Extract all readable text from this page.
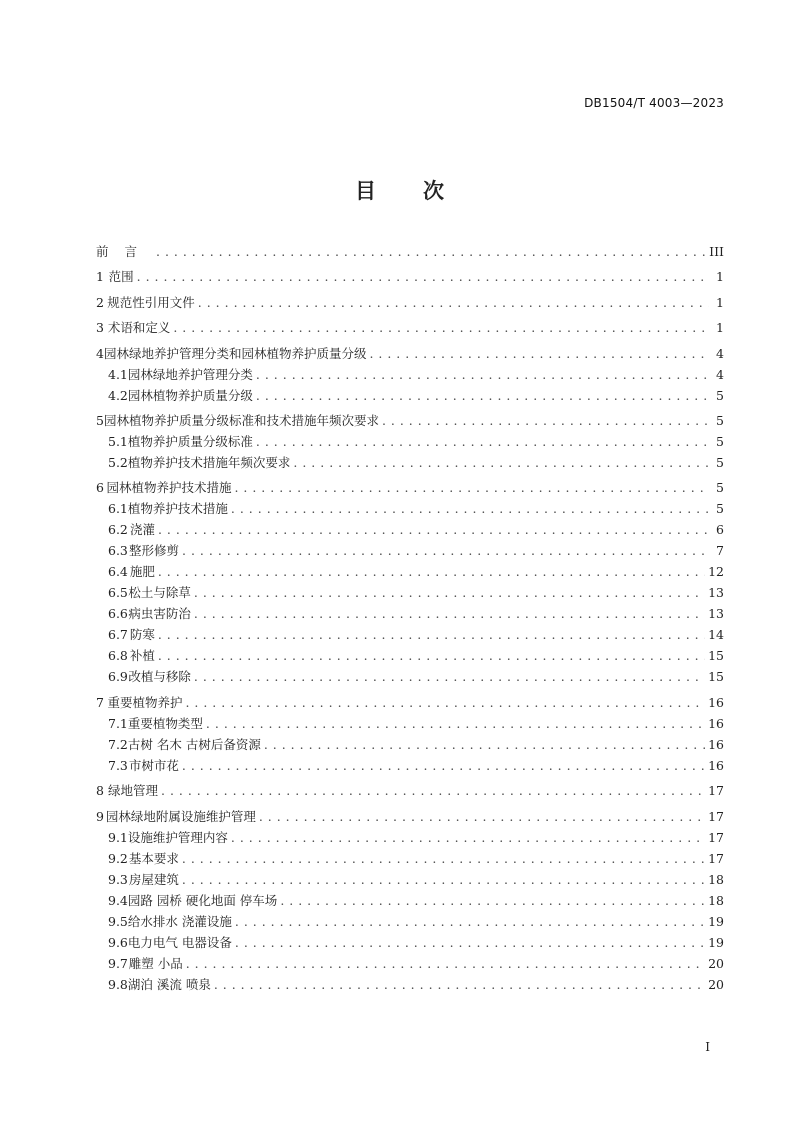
DB1504/T 4003—2023
目 次
前言 . . .	III
1 范围 . . .	1
2 规范性引用文件 . . .	1
3 术语和定义 . . .	1
4 园林绿地养护管理分类和园林植物养护质量分级 . . .	4
4.1 园林绿地养护管理分类 . . .	4
4.2 园林植物养护质量分级 . . .	5
5 园林植物养护质量分级标准和技术措施年频次要求 . . .	5
5.1 植物养护质量分级标准 . . .	5
5.2 植物养护技术措施年频次要求 . . .	5
6 园林植物养护技术措施 . . .	5
6.1 植物养护技术措施 . . .	5
6.2 浇灌 . . .	6
6.3 整形修剪 . . .	7
6.4 施肥 . . .	12
6.5 松土与除草 . . .	13
6.6 病虫害防治 . . .	13
6.7 防寒 . . .	14
6.8 补植 . . .	15
6.9 改植与移除 . . .	15
7 重要植物养护 . . .	16
7.1 重要植物类型 . . .	16
7.2 古树 名木 古树后备资源 . . .	16
7.3 市树市花 . . .	16
8 绿地管理 . . .	17
9 园林绿地附属设施维护管理 . . .	17
9.1 设施维护管理内容 . . .	17
9.2 基本要求 . . .	17
9.3 房屋建筑 . . .	18
9.4 园路 园桥 硬化地面 停车场 . . .	18
9.5 给水排水 浇灌设施 . . .	19
9.6 电力电气 电器设备 . . .	19
9.7 雕塑 小品 . . .	20
9.8 湖泊 溪流 喷泉 . . .	20
I
